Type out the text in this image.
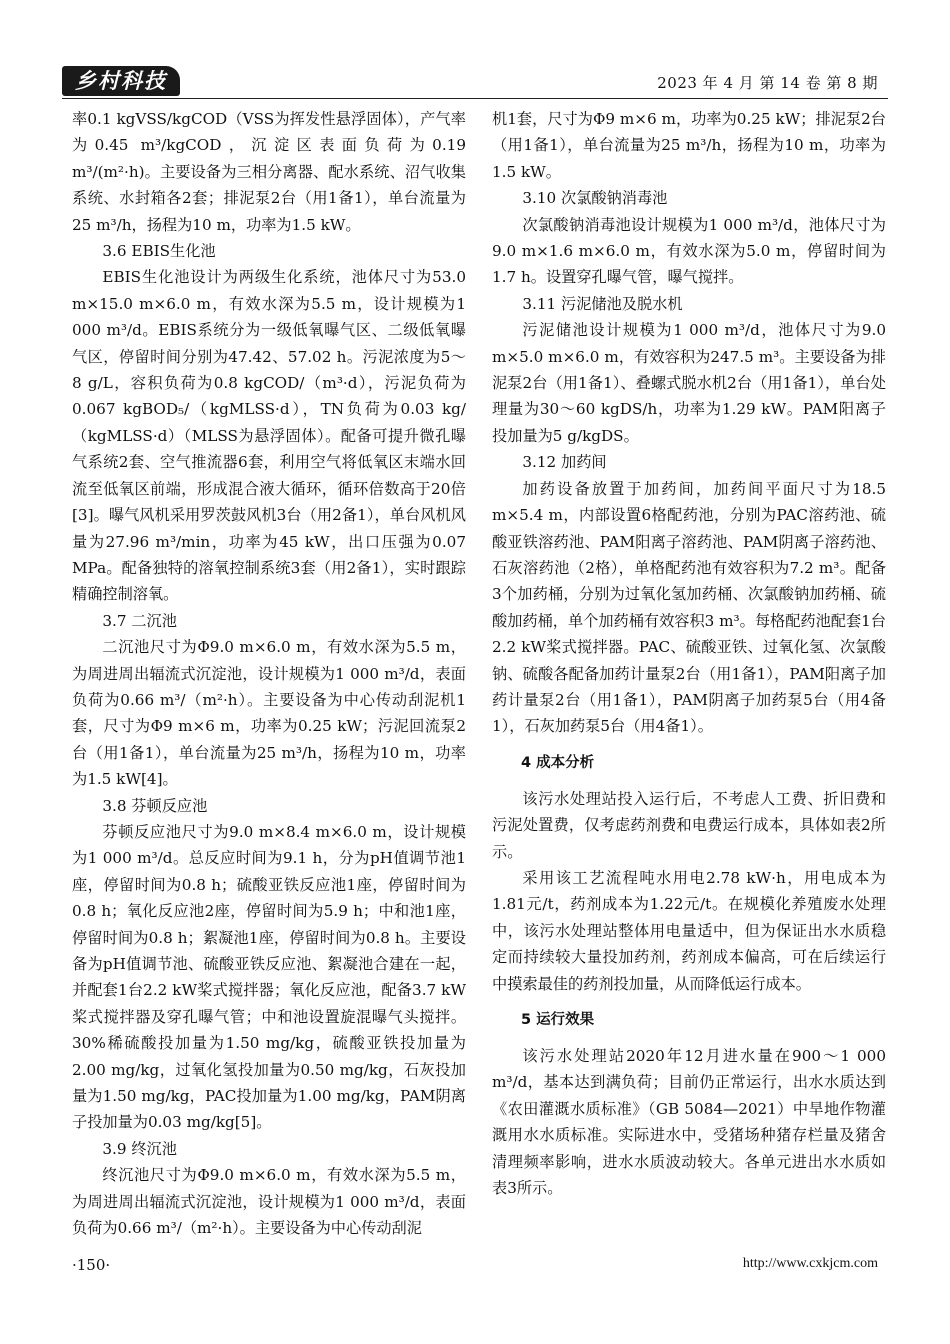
乡村科技	2023 年 4 月 第 14 卷 第 8 期

率0.1 kgVSS/kgCOD（VSS为挥发性悬浮固体），产气率为0.45 m³/kgCOD，沉淀区表面负荷为0.19 m³/(m²·h)。主要设备为三相分离器、配水系统、沼气收集系统、水封箱各2套；排泥泵2台（用1备1），单台流量为25 m³/h，扬程为10 m，功率为1.5 kW。

3.6 EBIS生化池

EBIS生化池设计为两级生化系统，池体尺寸为53.0 m×15.0 m×6.0 m，有效水深为5.5 m，设计规模为1 000 m³/d。EBIS系统分为一级低氧曝气区、二级低氧曝气区，停留时间分别为47.42、57.02 h。污泥浓度为5～8 g/L，容积负荷为0.8 kgCOD/（m³·d），污泥负荷为0.067 kgBOD₅/（kgMLSS·d），TN负荷为0.03 kg/（kgMLSS·d）（MLSS为悬浮固体）。配备可提升微孔曝气系统2套、空气推流器6套，利用空气将低氧区末端水回流至低氧区前端，形成混合液大循环，循环倍数高于20倍[3]。曝气风机采用罗茨鼓风机3台（用2备1），单台风机风量为27.96 m³/min，功率为45 kW，出口压强为0.07 MPa。配备独特的溶氧控制系统3套（用2备1），实时跟踪精确控制溶氧。

3.7 二沉池

二沉池尺寸为Φ9.0 m×6.0 m，有效水深为5.5 m，为周进周出辐流式沉淀池，设计规模为1 000 m³/d，表面负荷为0.66 m³/（m²·h）。主要设备为中心传动刮泥机1套，尺寸为Φ9 m×6 m，功率为0.25 kW；污泥回流泵2台（用1备1），单台流量为25 m³/h，扬程为10 m，功率为1.5 kW[4]。

3.8 芬顿反应池

芬顿反应池尺寸为9.0 m×8.4 m×6.0 m，设计规模为1 000 m³/d。总反应时间为9.1 h，分为pH值调节池1座，停留时间为0.8 h；硫酸亚铁反应池1座，停留时间为0.8 h；氧化反应池2座，停留时间为5.9 h；中和池1座，停留时间为0.8 h；絮凝池1座，停留时间为0.8 h。主要设备为pH值调节池、硫酸亚铁反应池、絮凝池合建在一起，并配套1台2.2 kW桨式搅拌器；氧化反应池，配备3.7 kW桨式搅拌器及穿孔曝气管；中和池设置旋混曝气头搅拌。30%稀硫酸投加量为1.50 mg/kg，硫酸亚铁投加量为2.00 mg/kg，过氧化氢投加量为0.50 mg/kg，石灰投加量为1.50 mg/kg，PAC投加量为1.00 mg/kg，PAM阴离子投加量为0.03 mg/kg[5]。

3.9 终沉池

终沉池尺寸为Φ9.0 m×6.0 m，有效水深为5.5 m，为周进周出辐流式沉淀池，设计规模为1 000 m³/d，表面负荷为0.66 m³/（m²·h）。主要设备为中心传动刮泥

机1套，尺寸为Φ9 m×6 m，功率为0.25 kW；排泥泵2台（用1备1），单台流量为25 m³/h，扬程为10 m，功率为1.5 kW。

3.10 次氯酸钠消毒池

次氯酸钠消毒池设计规模为1 000 m³/d，池体尺寸为9.0 m×1.6 m×6.0 m，有效水深为5.0 m，停留时间为1.7 h。设置穿孔曝气管，曝气搅拌。

3.11 污泥储池及脱水机

污泥储池设计规模为1 000 m³/d，池体尺寸为9.0 m×5.0 m×6.0 m，有效容积为247.5 m³。主要设备为排泥泵2台（用1备1）、叠螺式脱水机2台（用1备1），单台处理量为30～60 kgDS/h，功率为1.29 kW。PAM阳离子投加量为5 g/kgDS。

3.12 加药间

加药设备放置于加药间，加药间平面尺寸为18.5 m×5.4 m，内部设置6格配药池，分别为PAC溶药池、硫酸亚铁溶药池、PAM阳离子溶药池、PAM阴离子溶药池、石灰溶药池（2格），单格配药池有效容积为7.2 m³。配备3个加药桶，分别为过氧化氢加药桶、次氯酸钠加药桶、硫酸加药桶，单个加药桶有效容积3 m³。每格配药池配套1台2.2 kW桨式搅拌器。PAC、硫酸亚铁、过氧化氢、次氯酸钠、硫酸各配备加药计量泵2台（用1备1），PAM阳离子加药计量泵2台（用1备1），PAM阴离子加药泵5台（用4备1），石灰加药泵5台（用4备1）。

4 成本分析

该污水处理站投入运行后，不考虑人工费、折旧费和污泥处置费，仅考虑药剂费和电费运行成本，具体如表2所示。

采用该工艺流程吨水用电2.78 kW·h，用电成本为1.81元/t，药剂成本为1.22元/t。在规模化养殖废水处理中，该污水处理站整体用电量适中，但为保证出水水质稳定而持续较大量投加药剂，药剂成本偏高，可在后续运行中摸索最佳的药剂投加量，从而降低运行成本。

5 运行效果

该污水处理站2020年12月进水量在900～1 000 m³/d，基本达到满负荷；目前仍正常运行，出水水质达到《农田灌溉水质标准》（GB 5084—2021）中旱地作物灌溉用水水质标准。实际进水中，受猪场种猪存栏量及猪舍清理频率影响，进水水质波动较大。各单元进出水水质如表3所示。

·150·	http://www.cxkjcm.com
